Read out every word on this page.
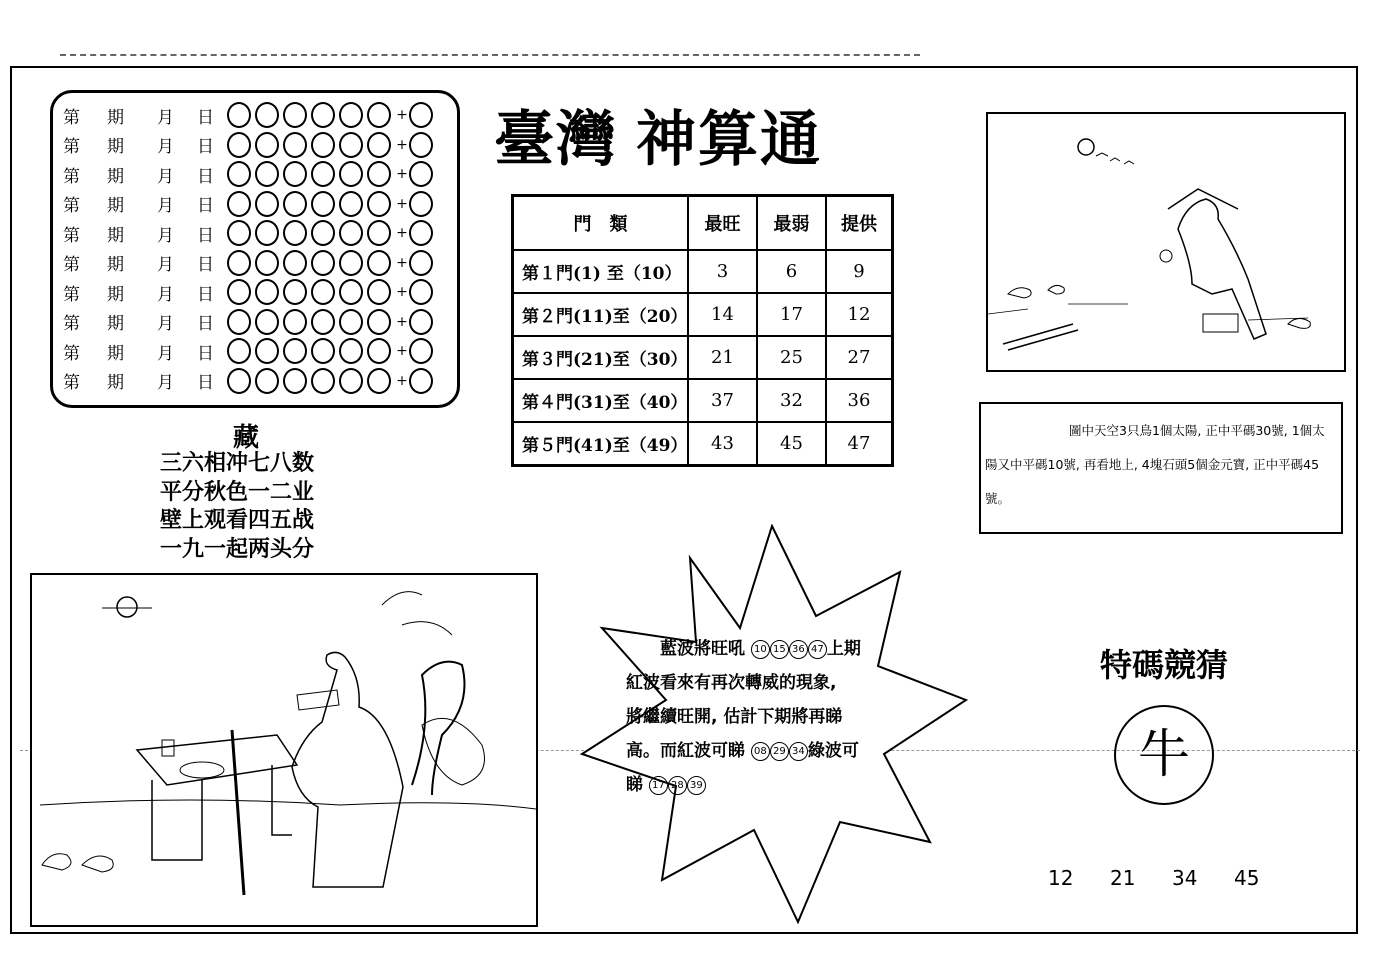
第	期	月	日	+
第	期	月	日	+
第	期	月	日	+
第	期	月	日	+
第	期	月	日	+
第	期	月	日	+
第	期	月	日	+
第	期	月	日	+
第	期	月	日	+
第	期	月	日	+
臺灣 神算通
門　類	最旺	最弱	提供
第１門(1) 至（10）	3	6	9
第２門(11)至（20）	14	17	12
第３門(21)至（30）	21	25	27
第４門(31)至（40）	37	32	36
第５門(41)至（49）	43	45	47
藏
三六相冲七八数
平分秋色一二业
壁上观看四五战
一九一起两头分
圖中天空3只鳥1個太陽, 正中平碼30號, 1個太陽又中平碼10號, 再看地上, 4塊石頭5個金元寶, 正中平碼45號。
藍波將旺吼 10 15 36 47 上期
紅波看來有再次轉威的現象,
將繼續旺開, 估計下期將再睇
高。而紅波可睇 08 29 34 綠波可
睇 17 28 39
特碼競猜
牛
12	21	34	45
